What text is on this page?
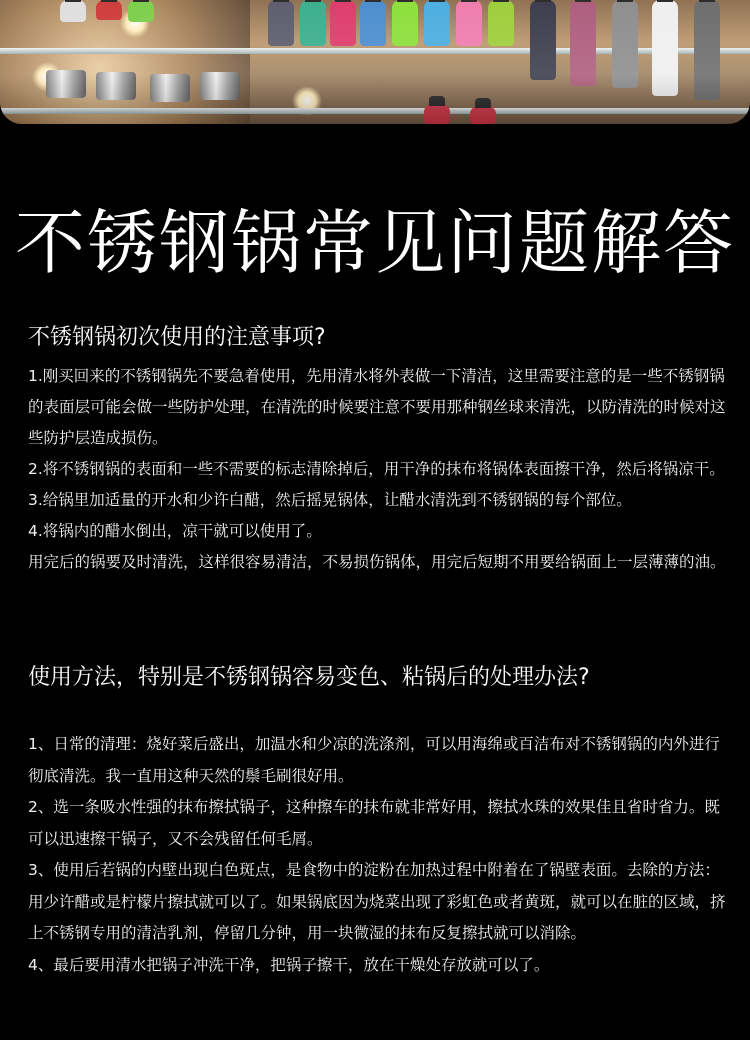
不锈钢锅常见问题解答
不锈钢锅初次使用的注意事项?

1.刚买回来的不锈钢锅先不要急着使用，先用清水将外表做一下清洁，这里需要注意的是一些不锈钢锅的表面层可能会做一些防护处理，在清洗的时候要注意不要用那种钢丝球来清洗，以防清洗的时候对这些防护层造成损伤。

2.将不锈钢锅的表面和一些不需要的标志清除掉后，用干净的抹布将锅体表面擦干净，然后将锅凉干。

3.给锅里加适量的开水和少许白醋，然后摇晃锅体，让醋水清洗到不锈钢锅的每个部位。

4.将锅内的醋水倒出，凉干就可以使用了。

用完后的锅要及时清洗，这样很容易清洁，不易损伤锅体，用完后短期不用要给锅面上一层薄薄的油。

使用方法，特别是不锈钢锅容易变色、粘锅后的处理办法?

1、日常的清理：烧好菜后盛出，加温水和少凉的洗涤剂，可以用海绵或百洁布对不锈钢锅的内外进行彻底清洗。我一直用这种天然的鬃毛刷很好用。

2、选一条吸水性强的抹布擦拭锅子，这种擦车的抹布就非常好用，擦拭水珠的效果佳且省时省力。既可以迅速擦干锅子，又不会残留任何毛屑。

3、使用后若锅的内壁出现白色斑点，是食物中的淀粉在加热过程中附着在了锅壁表面。去除的方法：用少许醋或是柠檬片擦拭就可以了。如果锅底因为烧菜出现了彩虹色或者黄斑，就可以在脏的区域，挤上不锈钢专用的清洁乳剂，停留几分钟，用一块微湿的抹布反复擦拭就可以消除。

4、最后要用清水把锅子冲洗干净，把锅子擦干，放在干燥处存放就可以了。
